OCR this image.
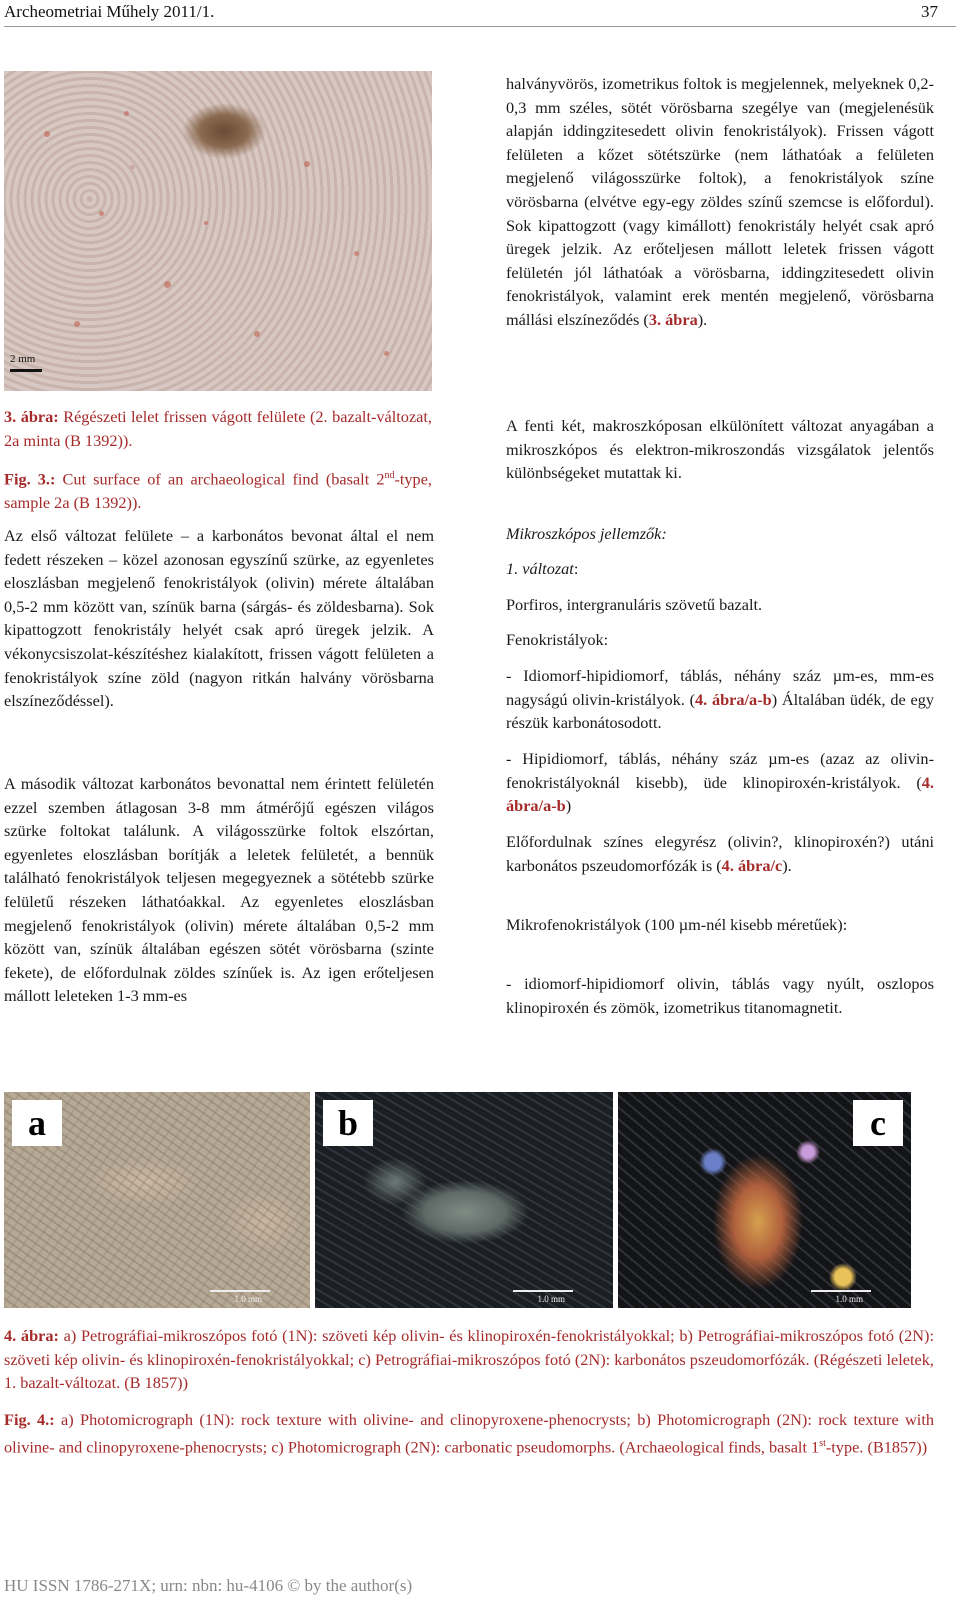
Archeometriai Műhely 2011/1.	37
2 mm

3. ábra: Régészeti lelet frissen vágott felülete (2. bazalt-változat, 2a minta (B 1392)).

Fig. 3.: Cut surface of an archaeological find (basalt 2nd-type, sample 2a (B 1392)).

Az első változat felülete – a karbonátos bevonat által el nem fedett részeken – közel azonosan egyszínű szürke, az egyenletes eloszlásban megjelenő fenokristályok (olivin) mérete általában 0,5-2 mm között van, színük barna (sárgás- és zöldesbarna). Sok kipattogzott fenokristály helyét csak apró üregek jelzik. A vékonycsiszolat-készítéshez kialakított, frissen vágott felületen a fenokristályok színe zöld (nagyon ritkán halvány vörösbarna elszíneződéssel).

A második változat karbonátos bevonattal nem érintett felületén ezzel szemben átlagosan 3-8 mm átmérőjű egészen világos szürke foltokat találunk. A világosszürke foltok elszórtan, egyenletes eloszlásban borítják a leletek felületét, a bennük található fenokristályok teljesen megegyeznek a sötétebb szürke felületű részeken láthatóakkal. Az egyenletes eloszlásban megjelenő fenokristályok (olivin) mérete általában 0,5-2 mm között van, színük általában egészen sötét vörösbarna (szinte fekete), de előfordulnak zöldes színűek is. Az igen erőteljesen mállott leleteken 1-3 mm-es

halványvörös, izometrikus foltok is megjelennek, melyeknek 0,2-0,3 mm széles, sötét vörösbarna szegélye van (megjelenésük alapján iddingzitesedett olivin fenokristályok). Frissen vágott felületen a kőzet sötétszürke (nem láthatóak a felületen megjelenő világosszürke foltok), a fenokristályok színe vörösbarna (elvétve egy-egy zöldes színű szemcse is előfordul). Sok kipattogzott (vagy kimállott) fenokristály helyét csak apró üregek jelzik. Az erőteljesen mállott leletek frissen vágott felületén jól láthatóak a vörösbarna, iddingzitesedett olivin fenokristályok, valamint erek mentén megjelenő, vörösbarna mállási elszíneződés (3. ábra).

A fenti két, makroszkóposan elkülönített változat anyagában a mikroszkópos és elektron-mikroszondás vizsgálatok jelentős különbségeket mutattak ki.

Mikroszkópos jellemzők:

1. változat:

Porfiros, intergranuláris szövetű bazalt.

Fenokristályok:

- Idiomorf-hipidiomorf, táblás, néhány száz µm-es, mm-es nagyságú olivin-kristályok. (4. ábra/a-b) Általában üdék, de egy részük karbonátosodott.

- Hipidiomorf, táblás, néhány száz µm-es (azaz az olivin-fenokristályoknál kisebb), üde klinopiroxén-kristályok. (4. ábra/a-b)

Előfordulnak színes elegyrész (olivin?, klinopiroxén?) utáni karbonátos pszeudomorfózák is (4. ábra/c).

Mikrofenokristályok (100 µm-nél kisebb méretűek):

- idiomorf-hipidiomorf olivin, táblás vagy nyúlt, oszlopos klinopiroxén és zömök, izometrikus titanomagnetit.

a
1.0 mm
b
1.0 mm
c
1.0 mm

4. ábra: a) Petrográfiai-mikroszópos fotó (1N): szöveti kép olivin- és klinopiroxén-fenokristályokkal; b) Petrográfiai-mikroszópos fotó (2N): szöveti kép olivin- és klinopiroxén-fenokristályokkal; c) Petrográfiai-mikroszópos fotó (2N): karbonátos pszeudomorfózák. (Régészeti leletek, 1. bazalt-változat. (B 1857))

Fig. 4.: a) Photomicrograph (1N): rock texture with olivine- and clinopyroxene-phenocrysts; b) Photomicrograph (2N): rock texture with olivine- and clinopyroxene-phenocrysts; c) Photomicrograph (2N): carbonatic pseudomorphs. (Archaeological finds, basalt 1st-type. (B1857))

HU ISSN 1786-271X; urn: nbn: hu-4106 © by the author(s)
